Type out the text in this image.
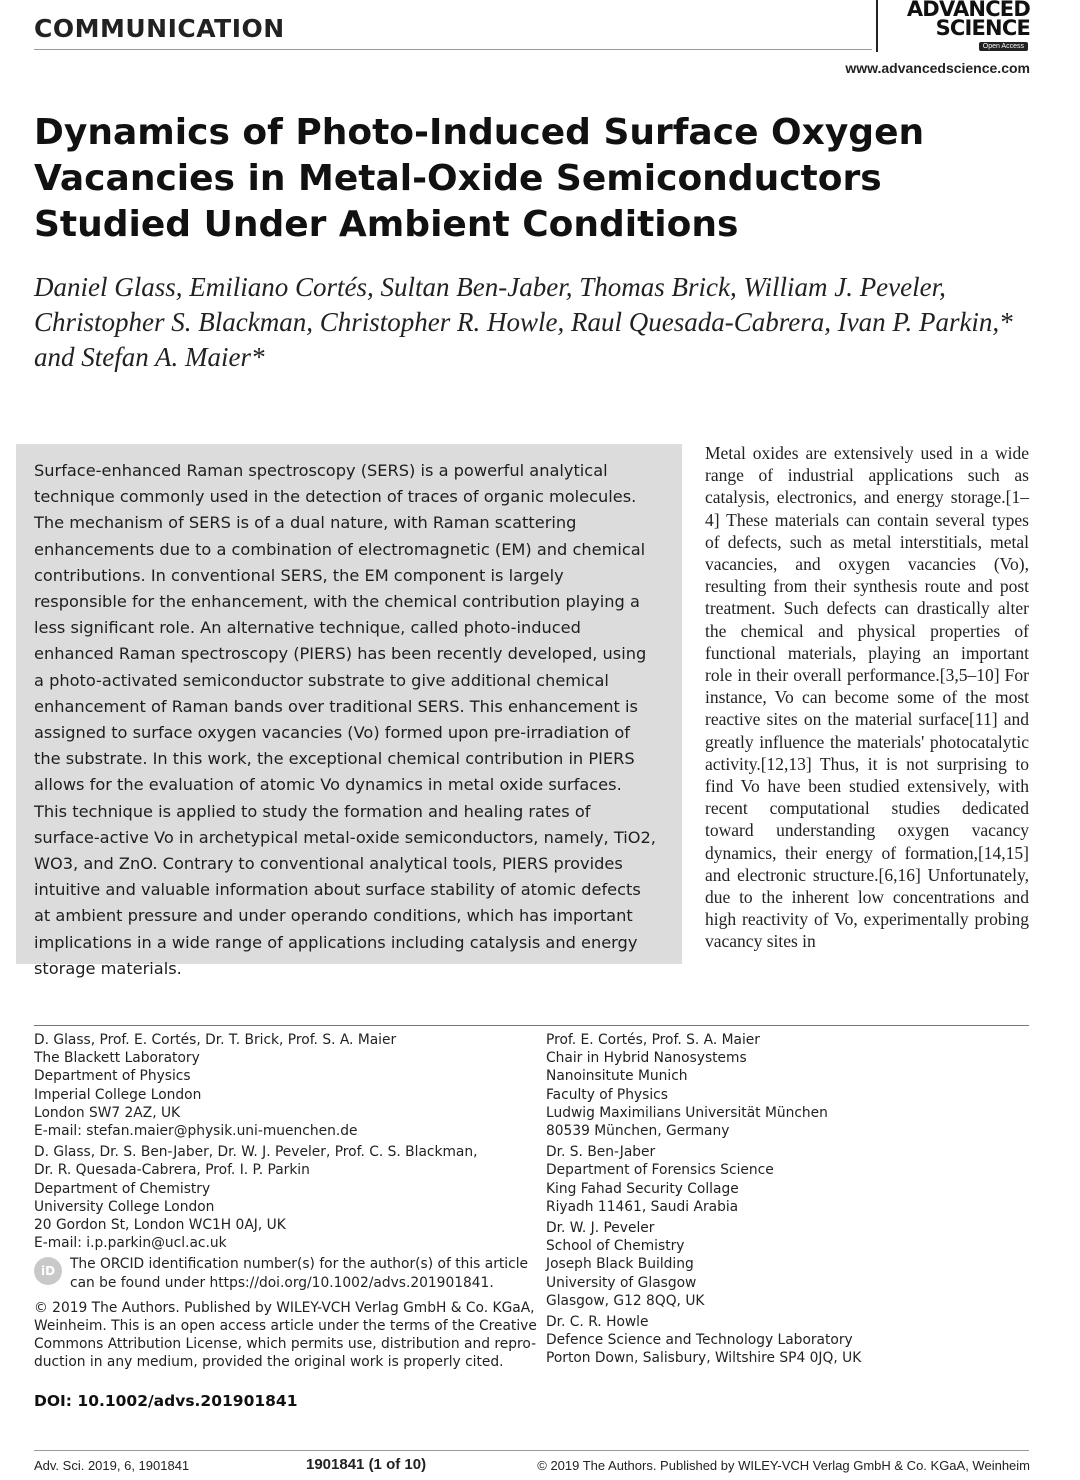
COMMUNICATION
ADVANCED
SCIENCE
Open Access
www.advancedscience.com
Dynamics of Photo-Induced Surface Oxygen Vacancies in Metal-Oxide Semiconductors Studied Under Ambient Conditions
Daniel Glass, Emiliano Cortés, Sultan Ben-Jaber, Thomas Brick, William J. Peveler, Christopher S. Blackman, Christopher R. Howle, Raul Quesada-Cabrera, Ivan P. Parkin,* and Stefan A. Maier*
Surface-enhanced Raman spectroscopy (SERS) is a powerful analytical technique commonly used in the detection of traces of organic molecules. The mechanism of SERS is of a dual nature, with Raman scattering enhancements due to a combination of electromagnetic (EM) and chemical contributions. In conventional SERS, the EM component is largely responsible for the enhancement, with the chemical contribution playing a less significant role. An alternative technique, called photo-induced enhanced Raman spectroscopy (PIERS) has been recently developed, using a photo-activated semiconductor substrate to give additional chemical enhancement of Raman bands over traditional SERS. This enhancement is assigned to surface oxygen vacancies (Vo) formed upon pre-irradiation of the substrate. In this work, the exceptional chemical contribution in PIERS allows for the evaluation of atomic Vo dynamics in metal oxide surfaces. This technique is applied to study the formation and healing rates of surface-active Vo in archetypical metal-oxide semiconductors, namely, TiO2, WO3, and ZnO. Contrary to conventional analytical tools, PIERS provides intuitive and valuable information about surface stability of atomic defects at ambient pressure and under operando conditions, which has important implications in a wide range of applications including catalysis and energy storage materials.
Metal oxides are extensively used in a wide range of industrial applications such as catalysis, electronics, and energy storage.[1–4] These materials can contain several types of defects, such as metal interstitials, metal vacancies, and oxygen vacancies (Vo), resulting from their synthesis route and post treatment. Such defects can drastically alter the chemical and physical properties of functional materials, playing an important role in their overall performance.[3,5–10] For instance, Vo can become some of the most reactive sites on the material surface[11] and greatly influence the materials' photocatalytic activity.[12,13] Thus, it is not surprising to find Vo have been studied extensively, with recent computational studies dedicated toward understanding oxygen vacancy dynamics, their energy of formation,[14,15] and electronic structure.[6,16] Unfortunately, due to the inherent low concentrations and high reactivity of Vo, experimentally probing vacancy sites in
D. Glass, Prof. E. Cortés, Dr. T. Brick, Prof. S. A. Maier
The Blackett Laboratory
Department of Physics
Imperial College London
London SW7 2AZ, UK
E-mail: stefan.maier@physik.uni-muenchen.de
D. Glass, Dr. S. Ben-Jaber, Dr. W. J. Peveler, Prof. C. S. Blackman,
Dr. R. Quesada-Cabrera, Prof. I. P. Parkin
Department of Chemistry
University College London
20 Gordon St, London WC1H 0AJ, UK
E-mail: i.p.parkin@ucl.ac.uk
iD	The ORCID identification number(s) for the author(s) of this article
can be found under https://doi.org/10.1002/advs.201901841.
© 2019 The Authors. Published by WILEY-VCH Verlag GmbH & Co. KGaA,
Weinheim. This is an open access article under the terms of the Creative
Commons Attribution License, which permits use, distribution and repro-
duction in any medium, provided the original work is properly cited.
Prof. E. Cortés, Prof. S. A. Maier
Chair in Hybrid Nanosystems
Nanoinsitute Munich
Faculty of Physics
Ludwig Maximilians Universität München
80539 München, Germany
Dr. S. Ben-Jaber
Department of Forensics Science
King Fahad Security Collage
Riyadh 11461, Saudi Arabia
Dr. W. J. Peveler
School of Chemistry
Joseph Black Building
University of Glasgow
Glasgow, G12 8QQ, UK
Dr. C. R. Howle
Defence Science and Technology Laboratory
Porton Down, Salisbury, Wiltshire SP4 0JQ, UK
DOI: 10.1002/advs.201901841
Adv. Sci. 2019, 6, 1901841	1901841 (1 of 10)	© 2019 The Authors. Published by WILEY-VCH Verlag GmbH & Co. KGaA, Weinheim
